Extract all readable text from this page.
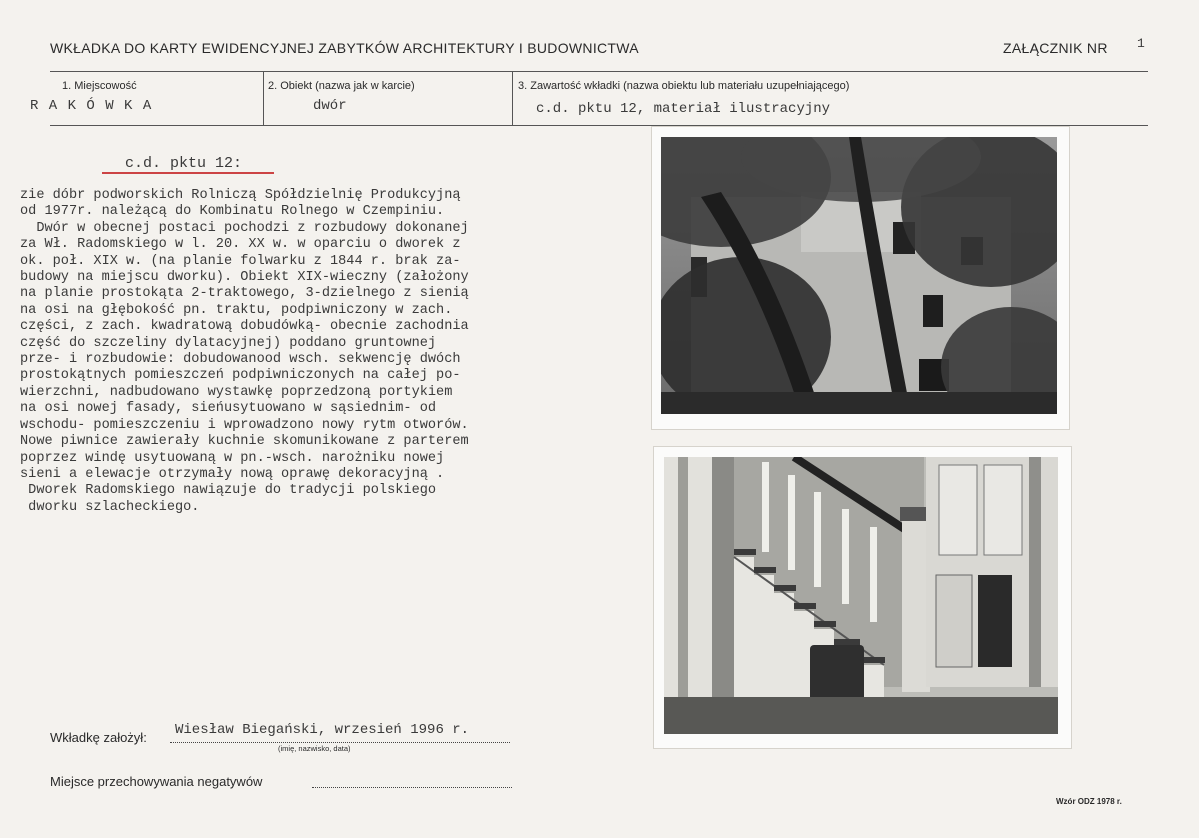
WKŁADKA DO KARTY EWIDENCYJNEJ ZABYTKÓW ARCHITEKTURY I BUDOWNICTWA	ZAŁĄCZNIK NR 1
1. Miejscowość
R A K Ó W K A
2. Obiekt (nazwa jak w karcie)
dwór
3. Zawartość wkładki (nazwa obiektu lub materiału uzupełniającego)
c.d. pktu 12, materiał ilustracyjny
c.d. pktu 12:
zie dóbr podworskich Rolniczą Spółdzielnię Produkcyjną
od 1977r. należącą do Kombinatu Rolnego w Czempiniu.
Dwór w obecnej postaci pochodzi z rozbudowy dokonanej
za Wł. Radomskiego w l. 20. XX w. w oparciu o dworek z
ok. poł. XIX w. (na planie folwarku z 1844 r. brak za-
budowy na miejscu dworku). Obiekt XIX-wieczny (założony
na planie prostokąta 2-traktowego, 3-dzielnego z sienią
na osi na głębokość pn. traktu, podpiwniczony w zach.
części, z zach. kwadratową dobudówką- obecnie zachodnia
część do szczeliny dylatacyjnej) poddano gruntownej
prze- i rozbudowie: dobudowanood wsch. sekwencję dwóch
prostokątnych pomieszczeń podpiwniczonych na całej po-
wierzchni, nadbudowano wystawkę poprzedzoną portykiem
na osi nowej fasady, sieńusytuowano w sąsiednim- od
wschodu- pomieszczeniu i wprowadzono nowy rytm otworów.
Nowe piwnice zawierały kuchnie skomunikowane z parterem
poprzez windę usytuowaną w pn.-wsch. narożniku nowej
sieni a elewacje otrzymały nową oprawę dekoracyjną .
Dworek Radomskiego nawiązuje do tradycji polskiego
dworku szlacheckiego.
Wkładkę założył: Wiesław Biegański, wrzesień 1996 r.
(imię, nazwisko, data)
Miejsce przechowywania negatywów
Wzór ODZ 1978 r.
